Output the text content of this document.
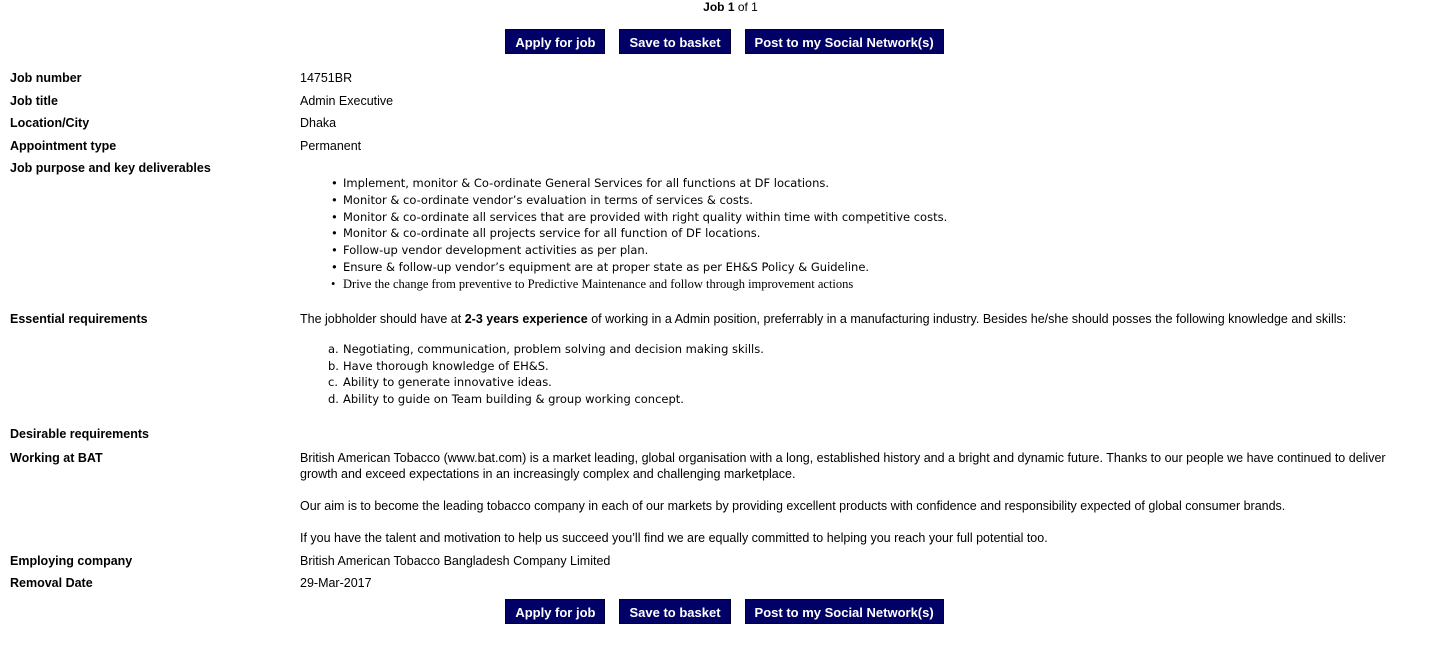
Job 1 of 1
Apply for job	Save to basket	Post to my Social Network(s)
Job number	14751BR
Job title	Admin Executive
Location/City	Dhaka
Appointment type	Permanent
Job purpose and key deliverables
• Implement, monitor & Co-ordinate General Services for all functions at DF locations.
• Monitor & co-ordinate vendor’s evaluation in terms of services & costs.
• Monitor & co-ordinate all services that are provided with right quality within time with competitive costs.
• Monitor & co-ordinate all projects service for all function of DF locations.
• Follow-up vendor development activities as per plan.
• Ensure & follow-up vendor’s equipment are at proper state as per EH&S Policy & Guideline.
• Drive the change from preventive to Predictive Maintenance and follow through improvement actions
Essential requirements	The jobholder should have at 2-3 years experience of working in a Admin position, preferrably in a manufacturing industry. Besides he/she should posses the following knowledge and skills:
a. Negotiating, communication, problem solving and decision making skills.
b. Have thorough knowledge of EH&S.
c. Ability to generate innovative ideas.
d. Ability to guide on Team building & group working concept.
Desirable requirements
Working at BAT	British American Tobacco (www.bat.com) is a market leading, global organisation with a long, established history and a bright and dynamic future. Thanks to our people we have continued to deliver
growth and exceed expectations in an increasingly complex and challenging marketplace.
Our aim is to become the leading tobacco company in each of our markets by providing excellent products with confidence and responsibility expected of global consumer brands.
If you have the talent and motivation to help us succeed you’ll find we are equally committed to helping you reach your full potential too.
Employing company	British American Tobacco Bangladesh Company Limited
Removal Date	29-Mar-2017
Apply for job	Save to basket	Post to my Social Network(s)
